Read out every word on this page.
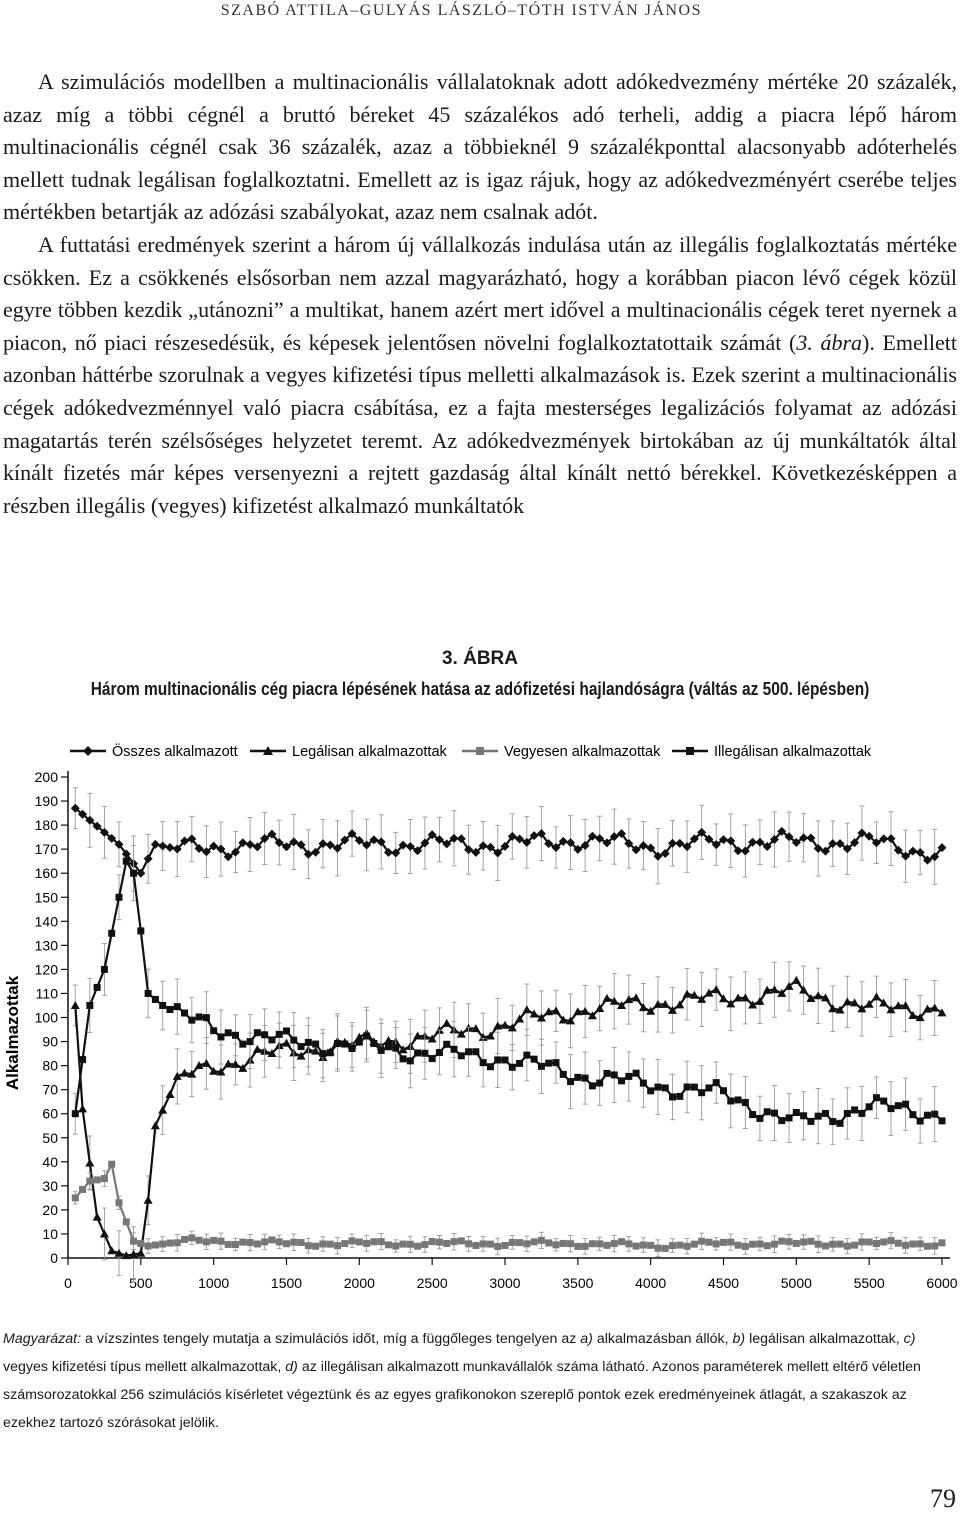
SZABÓ ATTILA–GULYÁS LÁSZLÓ–TÓTH ISTVÁN JÁNOS

A szimulációs modellben a multinacionális vállalatoknak adott adókedvezmény mértéke 20 százalék, azaz míg a többi cégnél a bruttó béreket 45 százalékos adó terheli, addig a piacra lépő három multinacionális cégnél csak 36 százalék, azaz a többieknél 9 százalékponttal alacsonyabb adóterhelés mellett tudnak legálisan foglalkoztatni. Emellett az is igaz rájuk, hogy az adókedvezményért cserébe teljes mértékben betartják az adózási szabályokat, azaz nem csalnak adót.

A futtatási eredmények szerint a három új vállalkozás indulása után az illegális foglalkoztatás mértéke csökken. Ez a csökkenés elsősorban nem azzal magyarázható, hogy a korábban piacon lévő cégek közül egyre többen kezdik „utánozni” a multikat, hanem azért mert idővel a multinacionális cégek teret nyernek a piacon, nő piaci részesedésük, és képesek jelentősen növelni foglalkoztatottaik számát (3. ábra). Emellett azonban háttérbe szorulnak a vegyes kifizetési típus melletti alkalmazások is. Ezek szerint a multinacionális cégek adókedvezménnyel való piacra csábítása, ez a fajta mesterséges legalizációs folyamat az adózási magatartás terén szélsőséges helyzetet teremt. Az adókedvezmények birtokában az új munkáltatók által kínált fizetés már képes versenyezni a rejtett gazdaság által kínált nettó bérekkel. Következésképpen a részben illegális (vegyes) kifizetést alkalmazó munkáltatók

3. ÁBRA
Három multinacionális cég piacra lépésének hatása az adófizetési hajlandóságra (váltás az 500. lépésben)
Összes alkalmazott	Legálisan alkalmazottak	Vegyesen alkalmazottak	Illegálisan alkalmazottak
0
10
20
30
40
50
60
70
80
90
100
110
120
130
140
150
160
170
180
190
200
0	500	1000	1500	2000	2500	3000	3500	4000	4500	5000	5500	6000
Alkalmazottak
Magyarázat: a vízszintes tengely mutatja a szimulációs időt, míg a függőleges tengelyen az a) alkalmazásban állók, b) legálisan alkalmazottak, c) vegyes kifizetési típus mellett alkalmazottak, d) az illegálisan alkalmazott munkavállalók száma látható. Azonos paraméterek mellett eltérő véletlen számsorozatokkal 256 szimulációs kísérletet végeztünk és az egyes grafikonokon szereplő pontok ezek eredményeinek átlagát, a szakaszok az ezekhez tartozó szórásokat jelölik.
79
